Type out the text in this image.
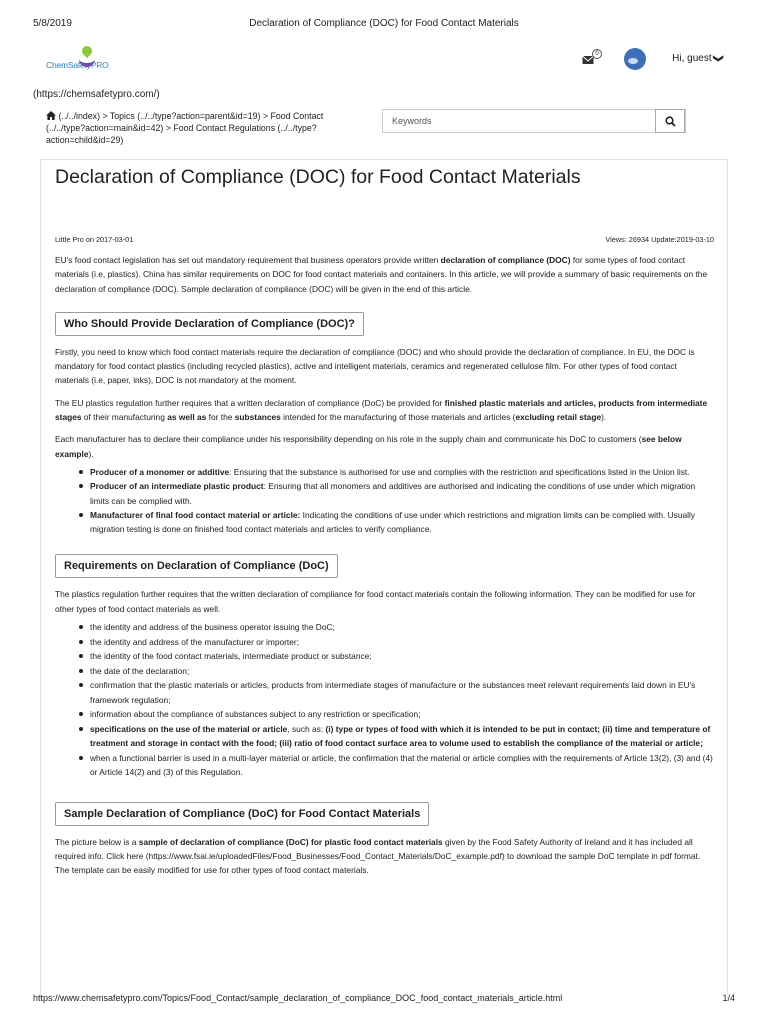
5/8/2019	Declaration of Compliance (DOC) for Food Contact Materials
ChemSafetyPRO
(https://chemsafetypro.com/)
0	Hi, guest❯
(../../index) > Topics (../../type?action=parent&id=19) > Food Contact (../../type?action=main&id=42) > Food Contact Regulations (../../type?action=child&id=29)
Keywords
Declaration of Compliance (DOC) for Food Contact Materials
Little Pro on 2017-03-01	Views: 26934 Update:2019-03-10

EU's food contact legislation has set out mandatory requirement that business operators provide written declaration of compliance (DOC) for some types of food contact materials (i.e, plastics). China has similar requirements on DOC for food contact materials and containers. In this article, we will provide a summary of basic requirements on the declaration of compliance (DOC). Sample declaration of compliance (DOC) will be given in the end of this article.

Who Should Provide Declaration of Compliance (DOC)?

Firstly, you need to know which food contact materials require the declaration of compliance (DOC) and who should provide the declaration of compliance. In EU, the DOC is mandatory for food contact plastics (including recycled plastics), active and intelligent materials, ceramics and regenerated cellulose film. For other types of food contact materials (i.e, paper, inks), DOC is not mandatory at the moment.

The EU plastics regulation further requires that a written declaration of compliance (DoC) be provided for finished plastic materials and articles, products from intermediate stages of their manufacturing as well as for the substances intended for the manufacturing of those materials and articles (excluding retail stage).

Each manufacturer has to declare their compliance under his responsibility depending on his role in the supply chain and communicate his DoC to customers (see below example).

Producer of a monomer or additive: Ensuring that the substance is authorised for use and complies with the restriction and specifications listed in the Union list.
Producer of an intermediate plastic product: Ensuring that all monomers and additives are authorised and indicating the conditions of use under which migration limits can be complied with.
Manufacturer of final food contact material or article: Indicating the conditions of use under which restrictions and migration limits can be complied with. Usually migration testing is done on finished food contact materials and articles to verify compliance.
Requirements on Declaration of Compliance (DoC)

The plastics regulation further requires that the written declaration of compliance for food contact materials contain the following information. They can be modified for use for other types of food contact materials as well.

the identity and address of the business operator issuing the DoC;
the identity and address of the manufacturer or importer;
the identity of the food contact materials, intermediate product or substance;
the date of the declaration;
confirmation that the plastic materials or articles, products from intermediate stages of manufacture or the substances meet relevant requirements laid down in EU's framework regulation;
information about the compliance of substances subject to any restriction or specification;
specifications on the use of the material or article, such as: (i) type or types of food with which it is intended to be put in contact; (ii) time and temperature of treatment and storage in contact with the food; (iii) ratio of food contact surface area to volume used to establish the compliance of the material or article;
when a functional barrier is used in a multi-layer material or article, the confirmation that the material or article complies with the requirements of Article 13(2), (3) and (4) or Article 14(2) and (3) of this Regulation.
Sample Declaration of Compliance (DoC) for Food Contact Materials

The picture below is a sample of declaration of compliance (DoC) for plastic food contact materials given by the Food Safety Authority of Ireland and it has included all required info. Click here (https://www.fsai.ie/uploadedFiles/Food_Businesses/Food_Contact_Materials/DoC_example.pdf) to download the sample DoC template in pdf format. The template can be easily modified for use for other types of food contact materials.

https://www.chemsafetypro.com/Topics/Food_Contact/sample_declaration_of_compliance_DOC_food_contact_materials_article.html	1/4
